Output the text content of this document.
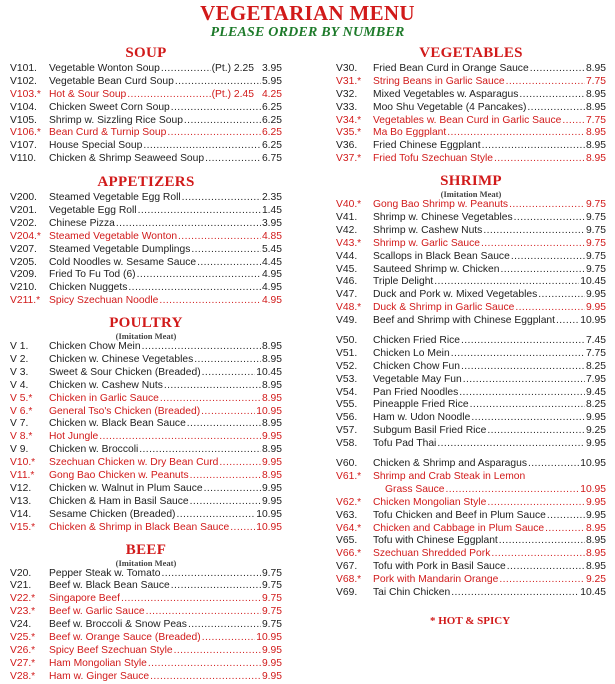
VEGETARIAN MENU
PLEASE ORDER BY NUMBER
SOUP
V101.	Vegetable Wonton Soup .....	(Pt.) 2.25 3.95
V102.	Vegetable Bean Curd Soup .....	5.95
V103.* Hot & Sour Soup .....	(Pt.) 2.45 4.25
V104.	Chicken Sweet Corn Soup .....	6.25
V105.	Shrimp w. Sizzling Rice Soup .....	6.25
V106.* Bean Curd & Turnip Soup .....	6.25
V107.	House Special Soup .....	6.25
V110.	Chicken & Shrimp Seaweed Soup .....	6.75
APPETIZERS
V200.	Steamed Vegetable Egg Roll .....	2.35
V201.	Vegetable Egg Roll .....	1.45
V202.	Chinese Pizza .....	3.95
V204.* Steamed Vegetable Wonton .....	4.85
V207.	Steamed Vegetable Dumplings .....	5.45
V205.	Cold Noodles w. Sesame Sauce .....	4.45
V209.	Fried To Fu Tod (6) .....	4.95
V210.	Chicken Nuggets .....	4.95
V211.* Spicy Szechuan Noodle .....	4.95
POULTRY
(Imitation Meat)
V 1.	Chicken Chow Mein .....	8.95
V 2.	Chicken w. Chinese Vegetables .....	8.95
V 3.	Sweet & Sour Chicken (Breaded) .....	10.45
V 4.	Chicken w. Cashew Nuts .....	8.95
V 5.*	Chicken in Garlic Sauce .....	8.95
V 6.*	General Tso's Chicken (Breaded) .....	10.95
V 7.	Chicken w. Black Bean Sauce .....	8.95
V 8.*	Hot Jungle .....	9.95
V 9.	Chicken w. Broccoli .....	8.95
V10.*	Szechuan Chicken w. Dry Bean Curd .....	9.95
V11.*	Gong Bao Chicken w. Peanuts .....	8.95
V12.	Chicken w. Walnut in Plum Sauce .....	9.95
V13.	Chicken & Ham in Basil Sauce .....	9.95
V14.	Sesame Chicken (Breaded) .....	10.95
V15.*	Chicken & Shrimp in Black Bean Sauce .....	10.95
BEEF
(Imitation Meat)
V20.	Pepper Steak w. Tomato .....	9.75
V21.	Beef w. Black Bean Sauce .....	9.75
V22.*	Singapore Beef .....	9.75
V23.*	Beef w. Garlic Sauce .....	9.75
V24.	Beef w. Broccoli & Snow Peas .....	9.75
V25.*	Beef w. Orange Sauce (Breaded) .....	10.95
V26.*	Spicy Beef Szechuan Style .....	9.95
V27.*	Ham Mongolian Style .....	9.95
V28.*	Ham w. Ginger Sauce .....	9.95
VEGETABLES
V30.	Fried Bean Curd in Orange Sauce .....	8.95
V31.*	String Beans in Garlic Sauce .....	7.75
V32.	Mixed Vegetables w. Asparagus .....	8.95
V33.	Moo Shu Vegetable (4 Pancakes) .....	8.95
V34.*	Vegetables w. Bean Curd in Garlic Sauce ..... 7.75
V35.*	Ma Bo Eggplant .....	8.95
V36.	Fried Chinese Eggplant .....	8.95
V37.*	Fried Tofu Szechuan Style .....	8.95
SHRIMP
(Imitation Meat)
V40.*	Gong Bao Shrimp w. Peanuts .....	9.75
V41.	Shrimp w. Chinese Vegetables .....	9.75
V42.	Shrimp w. Cashew Nuts .....	9.75
V43.*	Shrimp w. Garlic Sauce .....	9.75
V44.	Scallops in Black Bean Sauce .....	9.75
V45.	Sauteed Shrimp w. Chicken .....	9.75
V46.	Triple Delight .....	10.45
V47.	Duck and Pork w. Mixed Vegetables .....	9.95
V48.*	Duck & Shrimp in Garlic Sauce .....	9.95
V49.	Beef and Shrimp with Chinese Eggplant ..... 10.95
V50.	Chicken Fried Rice .....	7.45
V51.	Chicken Lo Mein .....	7.75
V52.	Chicken Chow Fun .....	8.25
V53.	Vegetable May Fun .....	7.95
V54.	Pan Fried Noodles .....	9.45
V55.	Pineapple Fried Rice .....	8.25
V56.	Ham w. Udon Noodle .....	9.95
V57.	Subgum Basil Fried Rice .....	9.25
V58.	Tofu Pad Thai .....	9.95
V60.	Chicken & Shrimp and Asparagus .....	10.95
V61.*	Shrimp and Crab Steak in Lemon
Grass Sauce .....	10.95
V62.*	Chicken Mongolian Style .....	9.95
V63.	Tofu Chicken and Beef in Plum Sauce .....	9.95
V64.*	Chicken and Cabbage in Plum Sauce .....	8.95
V65.	Tofu with Chinese Eggplant .....	8.95
V66.*	Szechuan Shredded Pork .....	8.95
V67.	Tofu with Pork in Basil Sauce .....	8.95
V68.*	Pork with Mandarin Orange .....	9.25
V69.	Tai Chin Chicken .....	10.45
* HOT & SPICY
